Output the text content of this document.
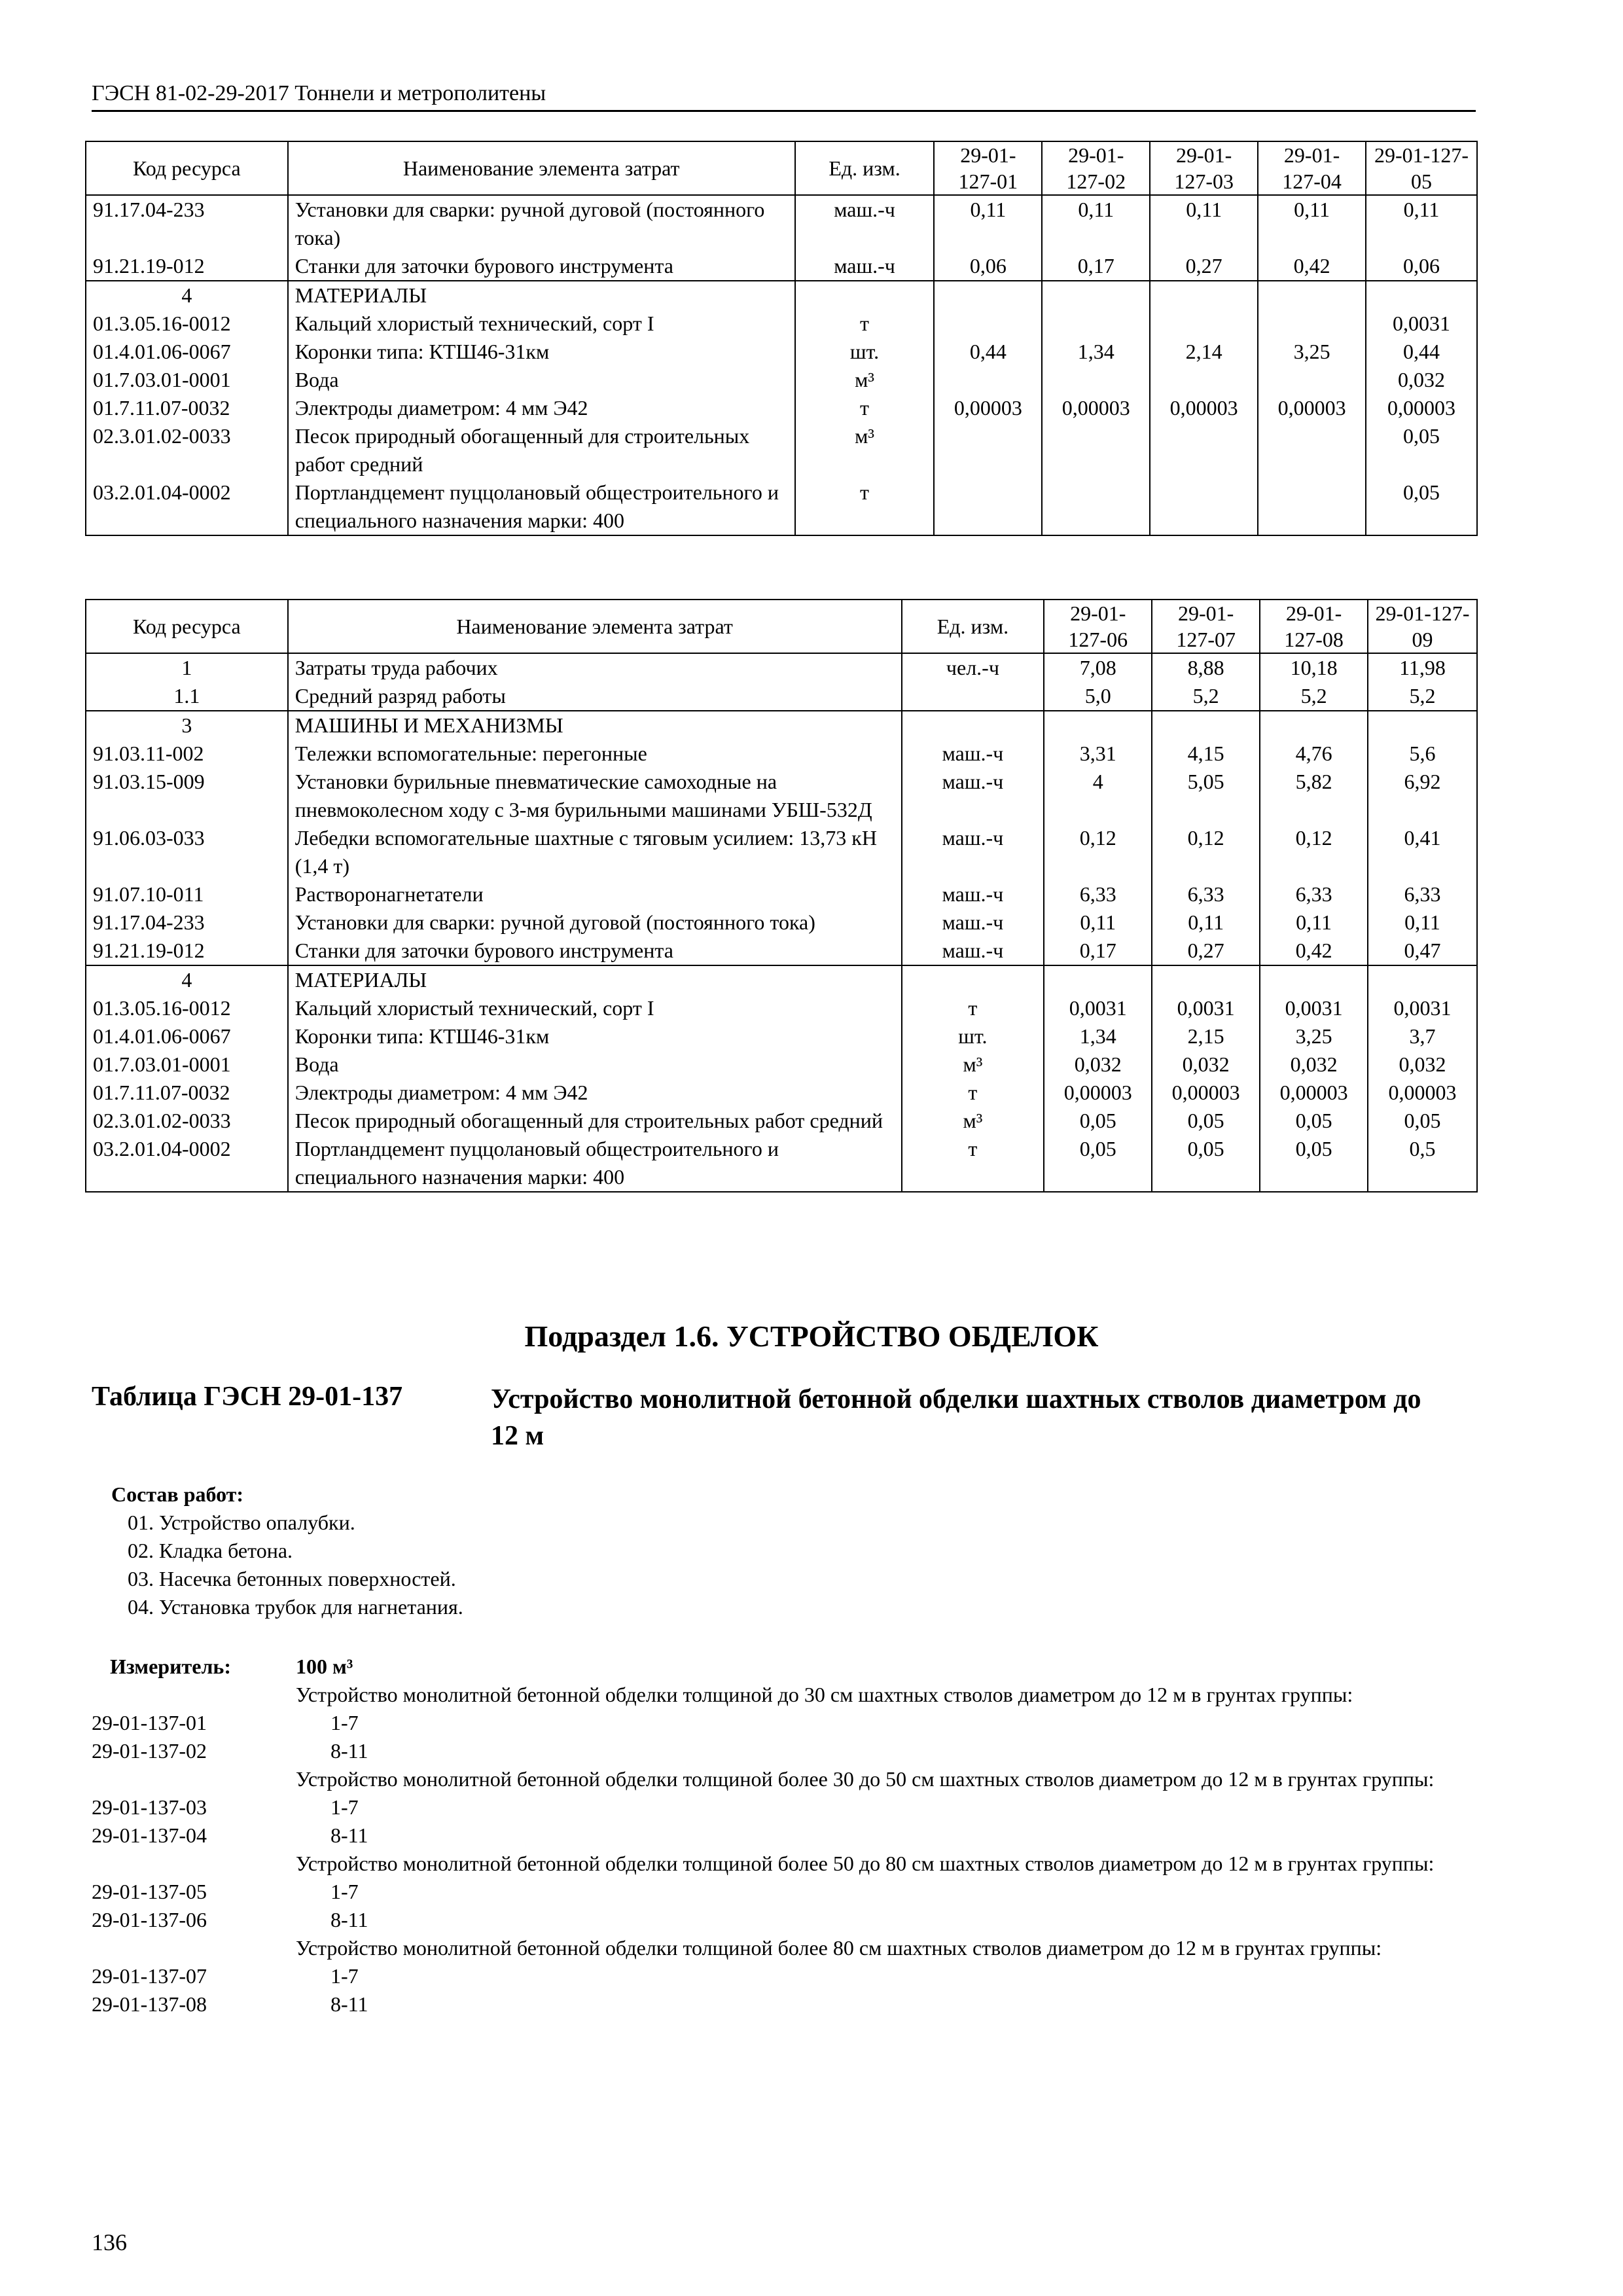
ГЭСН 81-02-29-2017 Тоннели и метрополитены
Код ресурса	Наименование элемента затрат	Ед. изм.	29-01-127-01	29-01-127-02	29-01-127-03	29-01-127-04	29-01-127-05
91.17.04-233	Установки для сварки: ручной дуговой (постоянного тока)	маш.-ч	0,11	0,11	0,11	0,11	0,11
91.21.19-012	Станки для заточки бурового инструмента	маш.-ч	0,06	0,17	0,27	0,42	0,06
4	МАТЕРИАЛЫ						
01.3.05.16-0012	Кальций хлористый технический, сорт I	т					0,0031
01.4.01.06-0067	Коронки типа: КТШ46-31км	шт.	0,44	1,34	2,14	3,25	0,44
01.7.03.01-0001	Вода	м³					0,032
01.7.11.07-0032	Электроды диаметром: 4 мм Э42	т	0,00003	0,00003	0,00003	0,00003	0,00003
02.3.01.02-0033	Песок природный обогащенный для строительных работ средний	м³					0,05
03.2.01.04-0002	Портландцемент пуццолановый общестроительного и специального назначения марки: 400	т					0,05
Код ресурса	Наименование элемента затрат	Ед. изм.	29-01-127-06	29-01-127-07	29-01-127-08	29-01-127-09
1	Затраты труда рабочих	чел.-ч	7,08	8,88	10,18	11,98
1.1	Средний разряд работы		5,0	5,2	5,2	5,2
3	МАШИНЫ И МЕХАНИЗМЫ					
91.03.11-002	Тележки вспомогательные: перегонные	маш.-ч	3,31	4,15	4,76	5,6
91.03.15-009	Установки бурильные пневматические самоходные на пневмоколесном ходу с 3-мя бурильными машинами УБШ-532Д	маш.-ч	4	5,05	5,82	6,92
91.06.03-033	Лебедки вспомогательные шахтные с тяговым усилием: 13,73 кН (1,4 т)	маш.-ч	0,12	0,12	0,12	0,41
91.07.10-011	Растворонагнетатели	маш.-ч	6,33	6,33	6,33	6,33
91.17.04-233	Установки для сварки: ручной дуговой (постоянного тока)	маш.-ч	0,11	0,11	0,11	0,11
91.21.19-012	Станки для заточки бурового инструмента	маш.-ч	0,17	0,27	0,42	0,47
4	МАТЕРИАЛЫ					
01.3.05.16-0012	Кальций хлористый технический, сорт I	т	0,0031	0,0031	0,0031	0,0031
01.4.01.06-0067	Коронки типа: КТШ46-31км	шт.	1,34	2,15	3,25	3,7
01.7.03.01-0001	Вода	м³	0,032	0,032	0,032	0,032
01.7.11.07-0032	Электроды диаметром: 4 мм Э42	т	0,00003	0,00003	0,00003	0,00003
02.3.01.02-0033	Песок природный обогащенный для строительных работ средний	м³	0,05	0,05	0,05	0,05
03.2.01.04-0002	Портландцемент пуццолановый общестроительного и специального назначения марки: 400	т	0,05	0,05	0,05	0,5
Подраздел 1.6. УСТРОЙСТВО ОБДЕЛОК
Таблица ГЭСН 29-01-137	Устройство монолитной бетонной обделки шахтных стволов диаметром до 12 м
Состав работ:
01. Устройство опалубки.
02. Кладка бетона.
03. Насечка бетонных поверхностей.
04. Установка трубок для нагнетания.
Измеритель:	100 м³
Устройство монолитной бетонной обделки толщиной до 30 см шахтных стволов диаметром до 12 м в грунтах группы:
29-01-137-01	1-7
29-01-137-02	8-11
Устройство монолитной бетонной обделки толщиной более 30 до 50 см шахтных стволов диаметром до 12 м в грунтах группы:
29-01-137-03	1-7
29-01-137-04	8-11
Устройство монолитной бетонной обделки толщиной более 50 до 80 см шахтных стволов диаметром до 12 м в грунтах группы:
29-01-137-05	1-7
29-01-137-06	8-11
Устройство монолитной бетонной обделки толщиной более 80 см шахтных стволов диаметром до 12 м в грунтах группы:
29-01-137-07	1-7
29-01-137-08	8-11
136
